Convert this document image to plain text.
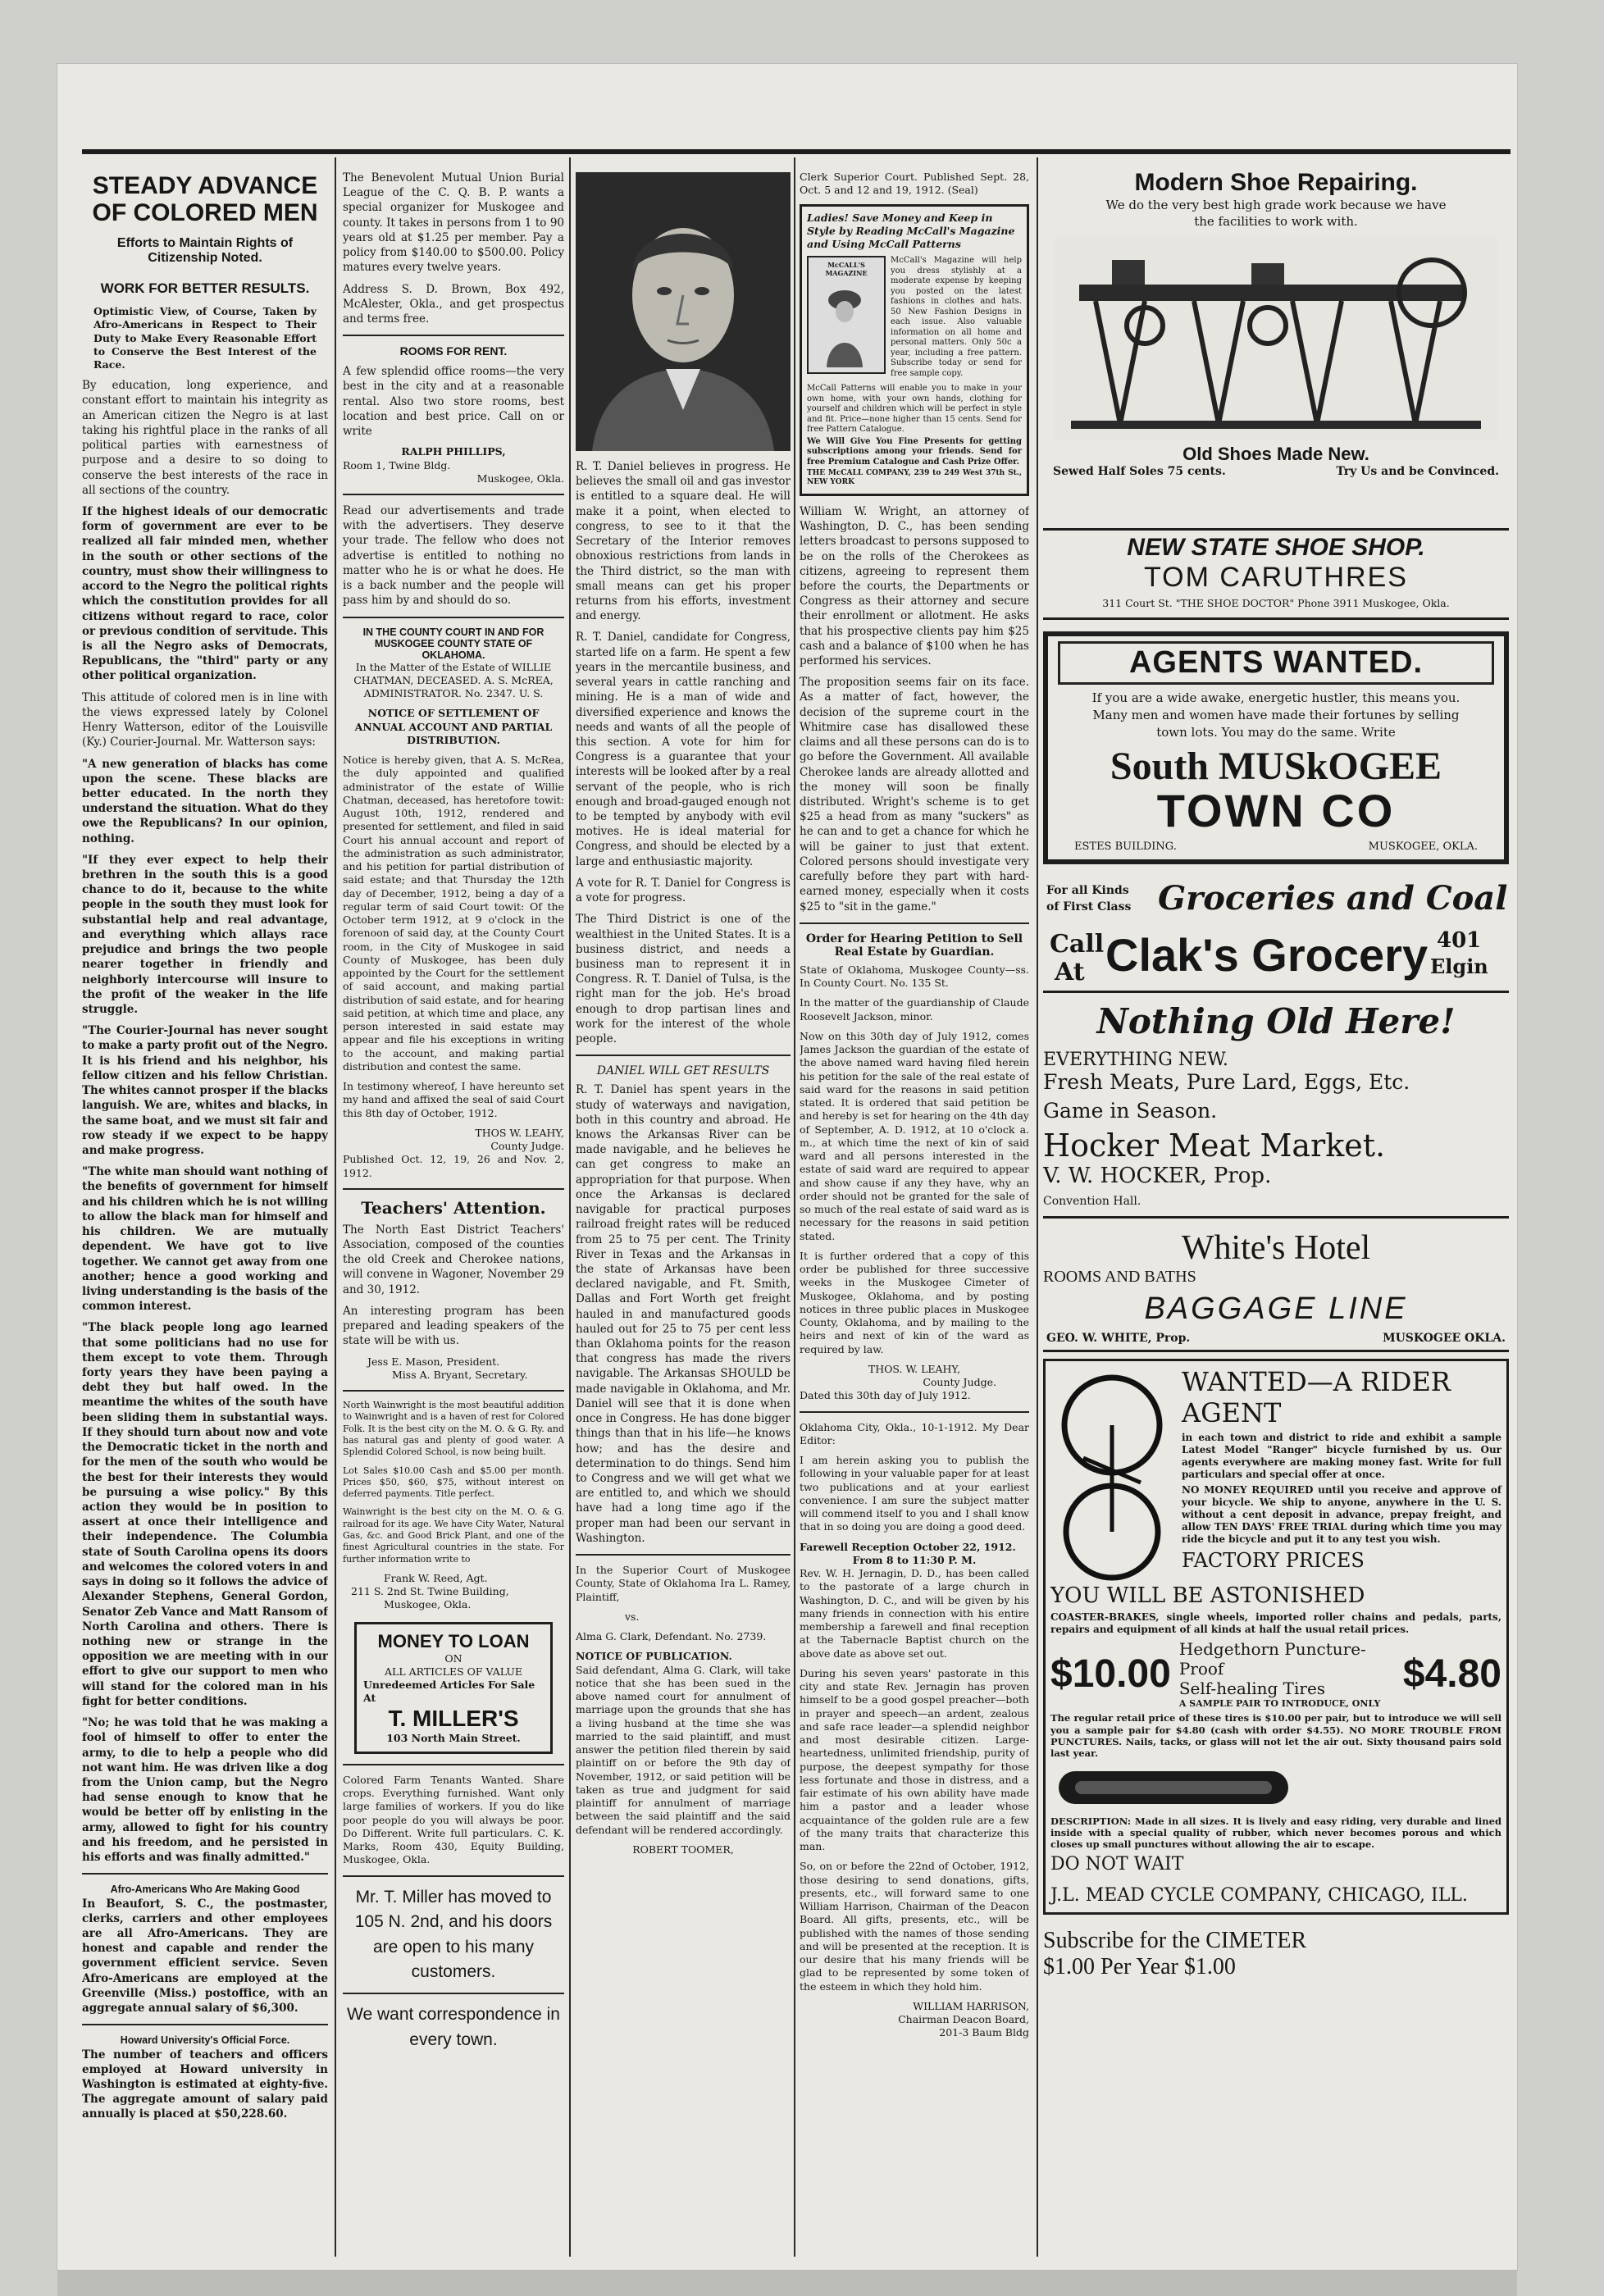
STEADY ADVANCE
OF COLORED MEN
Efforts to Maintain Rights of
Citizenship Noted.
WORK FOR BETTER RESULTS.

Optimistic View, of Course, Taken by Afro-Americans in Respect to Their Duty to Make Every Reasonable Effort to Conserve the Best Interest of the Race.

By education, long experience, and constant effort to maintain his integrity as an American citizen the Negro is at last taking his rightful place in the ranks of all political parties with earnestness of purpose and a desire to so doing to conserve the best interests of the race in all sections of the country.

If the highest ideals of our democratic form of government are ever to be realized all fair minded men, whether in the south or other sections of the country, must show their willingness to accord to the Negro the political rights which the constitution provides for all citizens without regard to race, color or previous condition of servitude. This is all the Negro asks of Democrats, Republicans, the "third" party or any other political organization.

This attitude of colored men is in line with the views expressed lately by Colonel Henry Watterson, editor of the Louisville (Ky.) Courier-Journal. Mr. Watterson says:

"A new generation of blacks has come upon the scene. These blacks are better educated. In the north they understand the situation. What do they owe the Republicans? In our opinion, nothing.

"If they ever expect to help their brethren in the south this is a good chance to do it, because to the white people in the south they must look for substantial help and real advantage, and everything which allays race prejudice and brings the two people nearer together in friendly and neighborly intercourse will insure to the profit of the weaker in the life struggle.

"The Courier-Journal has never sought to make a party profit out of the Negro. It is his friend and his neighbor, his fellow citizen and his fellow Christian. The whites cannot prosper if the blacks languish. We are, whites and blacks, in the same boat, and we must sit fair and row steady if we expect to be happy and make progress.

"The white man should want nothing of the benefits of government for himself and his children which he is not willing to allow the black man for himself and his children. We are mutually dependent. We have got to live together. We cannot get away from one another; hence a good working and living understanding is the basis of the common interest.

"The black people long ago learned that some politicians had no use for them except to vote them. Through forty years they have been paying a debt they but half owed. In the meantime the whites of the south have been sliding them in substantial ways. If they should turn about now and vote the Democratic ticket in the north and for the men of the south who would be the best for their interests they would be pursuing a wise policy." By this action they would be in position to assert at once their intelligence and their independence. The Columbia state of South Carolina opens its doors and welcomes the colored voters in and says in doing so it follows the advice of Alexander Stephens, General Gordon, Senator Zeb Vance and Matt Ransom of North Carolina and others. There is nothing new or strange in the opposition we are meeting with in our effort to give our support to men who will stand for the colored man in his fight for better conditions.

"No; he was told that he was making a fool of himself to offer to enter the army, to die to help a people who did not want him. He was driven like a dog from the Union camp, but the Negro had sense enough to know that he would be better off by enlisting in the army, allowed to fight for his country and his freedom, and he persisted in his efforts and was finally admitted."

Afro-Americans Who Are Making Good

In Beaufort, S. C., the postmaster, clerks, carriers and other employees are all Afro-Americans. They are honest and capable and render the government efficient service. Seven Afro-Americans are employed at the Greenville (Miss.) postoffice, with an aggregate annual salary of $6,300.

Howard University's Official Force.

The number of teachers and officers employed at Howard university in Washington is estimated at eighty-five. The aggregate amount of salary paid annually is placed at $50,228.60.

The Benevolent Mutual Union Burial League of the C. Q. B. P. wants a special organizer for Muskogee and county. It takes in persons from 1 to 90 years old at $1.25 per member. Pay a policy from $140.00 to $500.00. Policy matures every twelve years.

Address S. D. Brown, Box 492, McAlester, Okla., and get prospectus and terms free.

ROOMS FOR RENT.

A few splendid office rooms—the very best in the city and at a reasonable rental. Also two store rooms, best location and best price. Call on or write

RALPH PHILLIPS,
Room 1, Twine Bldg.
Muskogee, Okla.

Read our advertisements and trade with the advertisers. They deserve your trade. The fellow who does not advertise is entitled to nothing no matter who he is or what he does. He is a back number and the people will pass him by and should do so.

IN THE COUNTY COURT IN AND FOR MUSKOGEE COUNTY STATE OF OKLAHOMA.

In the Matter of the Estate of WILLIE CHATMAN, DECEASED. A. S. McREA, ADMINISTRATOR. No. 2347. U. S.

NOTICE OF SETTLEMENT OF ANNUAL ACCOUNT AND PARTIAL DISTRIBUTION.

Notice is hereby given, that A. S. McRea, the duly appointed and qualified administrator of the estate of Willie Chatman, deceased, has heretofore towit: August 10th, 1912, rendered and presented for settlement, and filed in said Court his annual account and report of the administration as such administrator, and his petition for partial distribution of said estate; and that Thursday the 12th day of December, 1912, being a day of a regular term of said Court towit: Of the October term 1912, at 9 o'clock in the forenoon of said day, at the County Court room, in the City of Muskogee in said County of Muskogee, has been duly appointed by the Court for the settlement of said account, and making partial distribution of said estate, and for hearing said petition, at which time and place, any person interested in said estate may appear and file his exceptions in writing to the account, and making partial distribution and contest the same.

In testimony whereof, I have hereunto set my hand and affixed the seal of said Court this 8th day of October, 1912.

THOS W. LEAHY,
County Judge.

Published Oct. 12, 19, 26 and Nov. 2, 1912.

Teachers' Attention.

The North East District Teachers' Association, composed of the counties the old Creek and Cherokee nations, will convene in Wagoner, November 29 and 30, 1912.

An interesting program has been prepared and leading speakers of the state will be with us.

Jess E. Mason, President.
Miss A. Bryant, Secretary.

North Wainwright is the most beautiful addition to Wainwright and is a haven of rest for Colored Folk. It is the best city on the M. O. & G. Ry. and has natural gas and plenty of good water. A Splendid Colored School, is now being built.

Lot Sales $10.00 Cash and $5.00 per month. Prices $50, $60, $75, without interest on deferred payments. Title perfect.

Wainwright is the best city on the M. O. & G. railroad for its age. We have City Water, Natural Gas, &c. and Good Brick Plant, and one of the finest Agricultural countries in the state. For further information write to

Frank W. Reed, Agt.
211 S. 2nd St. Twine Building,
Muskogee, Okla.
MONEY TO LOAN
ON
ALL ARTICLES OF VALUE
Unredeemed Articles For Sale At
T. MILLER'S
103 North Main Street.

Colored Farm Tenants Wanted. Share crops. Everything furnished. Want only large families of workers. If you do like poor people do you will always be poor. Do Different. Write full particulars. C. K. Marks, Room 430, Equity Building, Muskogee, Okla.

Mr. T. Miller has moved to 105 N. 2nd, and his doors are open to his many customers.

We want correspondence in every town.

R. T. Daniel believes in progress. He believes the small oil and gas investor is entitled to a square deal. He will make it a point, when elected to congress, to see to it that the Secretary of the Interior removes obnoxious restrictions from lands in the Third district, so the man with small means can get his proper returns from his efforts, investment and energy.

R. T. Daniel, candidate for Congress, started life on a farm. He spent a few years in the mercantile business, and several years in cattle ranching and mining. He is a man of wide and diversified experience and knows the needs and wants of all the people of this section. A vote for him for Congress is a guarantee that your interests will be looked after by a real servant of the people, who is rich enough and broad-gauged enough not to be tempted by anybody with evil motives. He is ideal material for Congress, and should be elected by a large and enthusiastic majority.

A vote for R. T. Daniel for Congress is a vote for progress.

The Third District is one of the wealthiest in the United States. It is a business district, and needs a business man to represent it in Congress. R. T. Daniel of Tulsa, is the right man for the job. He's broad enough to drop partisan lines and work for the interest of the whole people.

DANIEL WILL GET RESULTS

R. T. Daniel has spent years in the study of waterways and navigation, both in this country and abroad. He knows the Arkansas River can be made navigable, and he believes he can get congress to make an appropriation for that purpose. When once the Arkansas is declared navigable for practical purposes railroad freight rates will be reduced from 25 to 75 per cent. The Trinity River in Texas and the Arkansas in the state of Arkansas have been declared navigable, and Ft. Smith, Dallas and Fort Worth get freight hauled in and manufactured goods hauled out for 25 to 75 per cent less than Oklahoma points for the reason that congress has made the rivers navigable. The Arkansas SHOULD be made navigable in Oklahoma, and Mr. Daniel will see that it is done when once in Congress. He has done bigger things than that in his life—he knows how; and has the desire and determination to do things. Send him to Congress and we will get what we are entitled to, and which we should have had a long time ago if the proper man had been our servant in Washington.

In the Superior Court of Muskogee County, State of Oklahoma Ira L. Ramey, Plaintiff,

vs.

Alma G. Clark, Defendant. No. 2739.

NOTICE OF PUBLICATION.

Said defendant, Alma G. Clark, will take notice that she has been sued in the above named court for annulment of marriage upon the grounds that she has a living husband at the time she was married to the said plaintiff, and must answer the petition filed therein by said plaintiff on or before the 9th day of November, 1912, or said petition will be taken as true and judgment for said plaintiff for annulment of marriage between the said plaintiff and the said defendant will be rendered accordingly.

ROBERT TOOMER,

Clerk Superior Court. Published Sept. 28, Oct. 5 and 12 and 19, 1912. (Seal)

Ladies! Save Money and Keep in Style by Reading McCall's Magazine and Using McCall Patterns
McCALL'S MAGAZINE

McCall's Magazine will help you dress stylishly at a moderate expense by keeping you posted on the latest fashions in clothes and hats. 50 New Fashion Designs in each issue. Also valuable information on all home and personal matters. Only 50c a year, including a free pattern. Subscribe today or send for free sample copy.

McCall Patterns will enable you to make in your own home, with your own hands, clothing for yourself and children which will be perfect in style and fit. Price—none higher than 15 cents. Send for free Pattern Catalogue.

We Will Give You Fine Presents for getting subscriptions among your friends. Send for free Premium Catalogue and Cash Prize Offer.

THE McCALL COMPANY, 239 to 249 West 37th St., NEW YORK

William W. Wright, an attorney of Washington, D. C., has been sending letters broadcast to persons supposed to be on the rolls of the Cherokees as citizens, agreeing to represent them before the courts, the Departments or Congress as their attorney and secure their enrollment or allotment. He asks that his prospective clients pay him $25 cash and a balance of $100 when he has performed his services.

The proposition seems fair on its face. As a matter of fact, however, the decision of the supreme court in the Whitmire case has disallowed these claims and all these persons can do is to go before the Government. All available Cherokee lands are already allotted and the money will soon be finally distributed. Wright's scheme is to get $25 a head from as many "suckers" as he can and to get a chance for which he will be gainer to just that extent. Colored persons should investigate very carefully before they part with hard-earned money, especially when it costs $25 to "sit in the game."

Order for Hearing Petition to Sell Real Estate by Guardian.

State of Oklahoma, Muskogee County—ss. In County Court. No. 135 St.

In the matter of the guardianship of Claude Roosevelt Jackson, minor.

Now on this 30th day of July 1912, comes James Jackson the guardian of the estate of the above named ward having filed herein his petition for the sale of the real estate of said ward for the reasons in said petition stated. It is ordered that said petition be and hereby is set for hearing on the 4th day of September, A. D. 1912, at 10 o'clock a. m., at which time the next of kin of said ward and all persons interested in the estate of said ward are required to appear and show cause if any they have, why an order should not be granted for the sale of so much of the real estate of said ward as is necessary for the reasons in said petition stated.

It is further ordered that a copy of this order be published for three successive weeks in the Muskogee Cimeter of Muskogee, Oklahoma, and by posting notices in three public places in Muskogee County, Oklahoma, and by mailing to the heirs and next of kin of the ward as required by law.

THOS. W. LEAHY,
County Judge.

Dated this 30th day of July 1912.

Oklahoma City, Okla., 10-1-1912. My Dear Editor:

I am herein asking you to publish the following in your valuable paper for at least two publications and at your earliest convenience. I am sure the subject matter will commend itself to you and I shall know that in so doing you are doing a good deed.

Farewell Reception October 22, 1912.
From 8 to 11:30 P. M.

Rev. W. H. Jernagin, D. D., has been called to the pastorate of a large church in Washington, D. C., and will be given by his many friends in connection with his entire membership a farewell and final reception at the Tabernacle Baptist church on the above date as above set out.

During his seven years' pastorate in this city and state Rev. Jernagin has proven himself to be a good gospel preacher—both in prayer and speech—an ardent, zealous and safe race leader—a splendid neighbor and most desirable citizen. Large-heartedness, unlimited friendship, purity of purpose, the deepest sympathy for those less fortunate and those in distress, and a fair estimate of his own ability have made him a pastor and a leader whose acquaintance of the golden rule are a few of the many traits that characterize this man.

So, on or before the 22nd of October, 1912, those desiring to send donations, gifts, presents, etc., will forward same to one William Harrison, Chairman of the Deacon Board. All gifts, presents, etc., will be published with the names of those sending and will be presented at the reception. It is our desire that his many friends will be glad to be represented by some token of the esteem in which they hold him.

WILLIAM HARRISON,
Chairman Deacon Board,
201-3 Baum Bldg
Modern Shoe Repairing.
We do the very best high grade work because we have the facilities to work with.
Old Shoes Made New.
Sewed Half Soles 75 cents.	Try Us and be Convinced.
NEW STATE SHOE SHOP.
TOM CARUTHRES
311 Court St. "THE SHOE DOCTOR" Phone 3911 Muskogee, Okla.
AGENTS WANTED.
If you are a wide awake, energetic hustler, this means you. Many men and women have made their fortunes by selling town lots. You may do the same. Write
South MUSkOGEE
TOWN CO
ESTES BUILDING.	MUSKOGEE, OKLA.
For all Kinds
of First Class Groceries and Coal
Call
At Clak's Grocery 401
Elgin
Nothing Old Here!
EVERYTHING NEW.
Fresh Meats, Pure Lard, Eggs, Etc.
Game in Season.
Hocker Meat Market.
V. W. HOCKER, Prop.
Convention Hall.
White's Hotel
ROOMS AND BATHS
BAGGAGE LINE
GEO. W. WHITE, Prop.	MUSKOGEE OKLA.
WANTED—A RIDER AGENT

in each town and district to ride and exhibit a sample Latest Model "Ranger" bicycle furnished by us. Our agents everywhere are making money fast. Write for full particulars and special offer at once.

NO MONEY REQUIRED until you receive and approve of your bicycle. We ship to anyone, anywhere in the U. S. without a cent deposit in advance, prepay freight, and allow TEN DAYS' FREE TRIAL during which time you may ride the bicycle and put it to any test you wish.

FACTORY PRICES
YOU WILL BE ASTONISHED

COASTER-BRAKES, single wheels, imported roller chains and pedals, parts, repairs and equipment of all kinds at half the usual retail prices.

$10.00
Hedgethorn Puncture-Proof
Self-healing Tires
A SAMPLE PAIR TO INTRODUCE, ONLY
$4.80

The regular retail price of these tires is $10.00 per pair, but to introduce we will sell you a sample pair for $4.80 (cash with order $4.55). NO MORE TROUBLE FROM PUNCTURES. Nails, tacks, or glass will not let the air out. Sixty thousand pairs sold last year.

DESCRIPTION: Made in all sizes. It is lively and easy riding, very durable and lined inside with a special quality of rubber, which never becomes porous and which closes up small punctures without allowing the air to escape.

DO NOT WAIT
J.L. MEAD CYCLE COMPANY, CHICAGO, ILL.
Subscribe for the CIMETER
$1.00 Per Year $1.00
